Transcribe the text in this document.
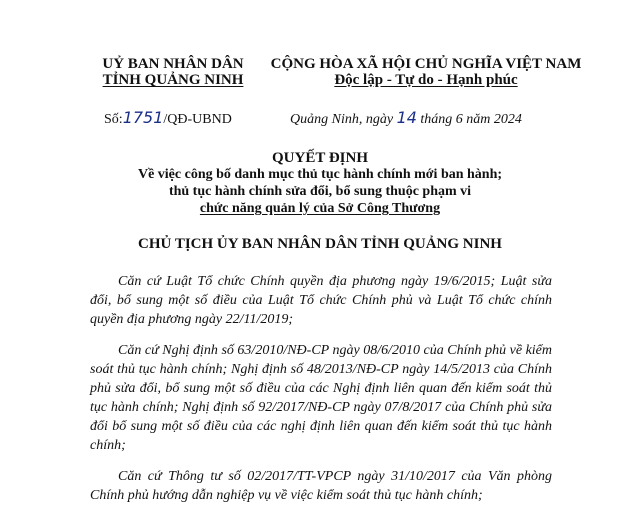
UỶ BAN NHÂN DÂN
TỈNH QUẢNG NINH
CỘNG HÒA XÃ HỘI CHỦ NGHĨA VIỆT NAM
Độc lập - Tự do - Hạnh phúc
Số:1751/QĐ-UBND	Quảng Ninh, ngày 14 tháng 6 năm 2024
QUYẾT ĐỊNH
Về việc công bố danh mục thủ tục hành chính mới ban hành;
thủ tục hành chính sửa đổi, bổ sung thuộc phạm vi
chức năng quản lý của Sở Công Thương
CHỦ TỊCH ỦY BAN NHÂN DÂN TỈNH QUẢNG NINH

Căn cứ Luật Tổ chức Chính quyền địa phương ngày 19/6/2015; Luật sửa đổi, bổ sung một số điều của Luật Tổ chức Chính phủ và Luật Tổ chức chính quyền địa phương ngày 22/11/2019;

Căn cứ Nghị định số 63/2010/NĐ-CP ngày 08/6/2010 của Chính phủ về kiểm soát thủ tục hành chính; Nghị định số 48/2013/NĐ-CP ngày 14/5/2013 của Chính phủ sửa đổi, bổ sung một số điều của các Nghị định liên quan đến kiểm soát thủ tục hành chính; Nghị định số 92/2017/NĐ-CP ngày 07/8/2017 của Chính phủ sửa đổi bổ sung một số điều của các nghị định liên quan đến kiểm soát thủ tục hành chính;

Căn cứ Thông tư số 02/2017/TT-VPCP ngày 31/10/2017 của Văn phòng Chính phủ hướng dẫn nghiệp vụ về việc kiểm soát thủ tục hành chính;
